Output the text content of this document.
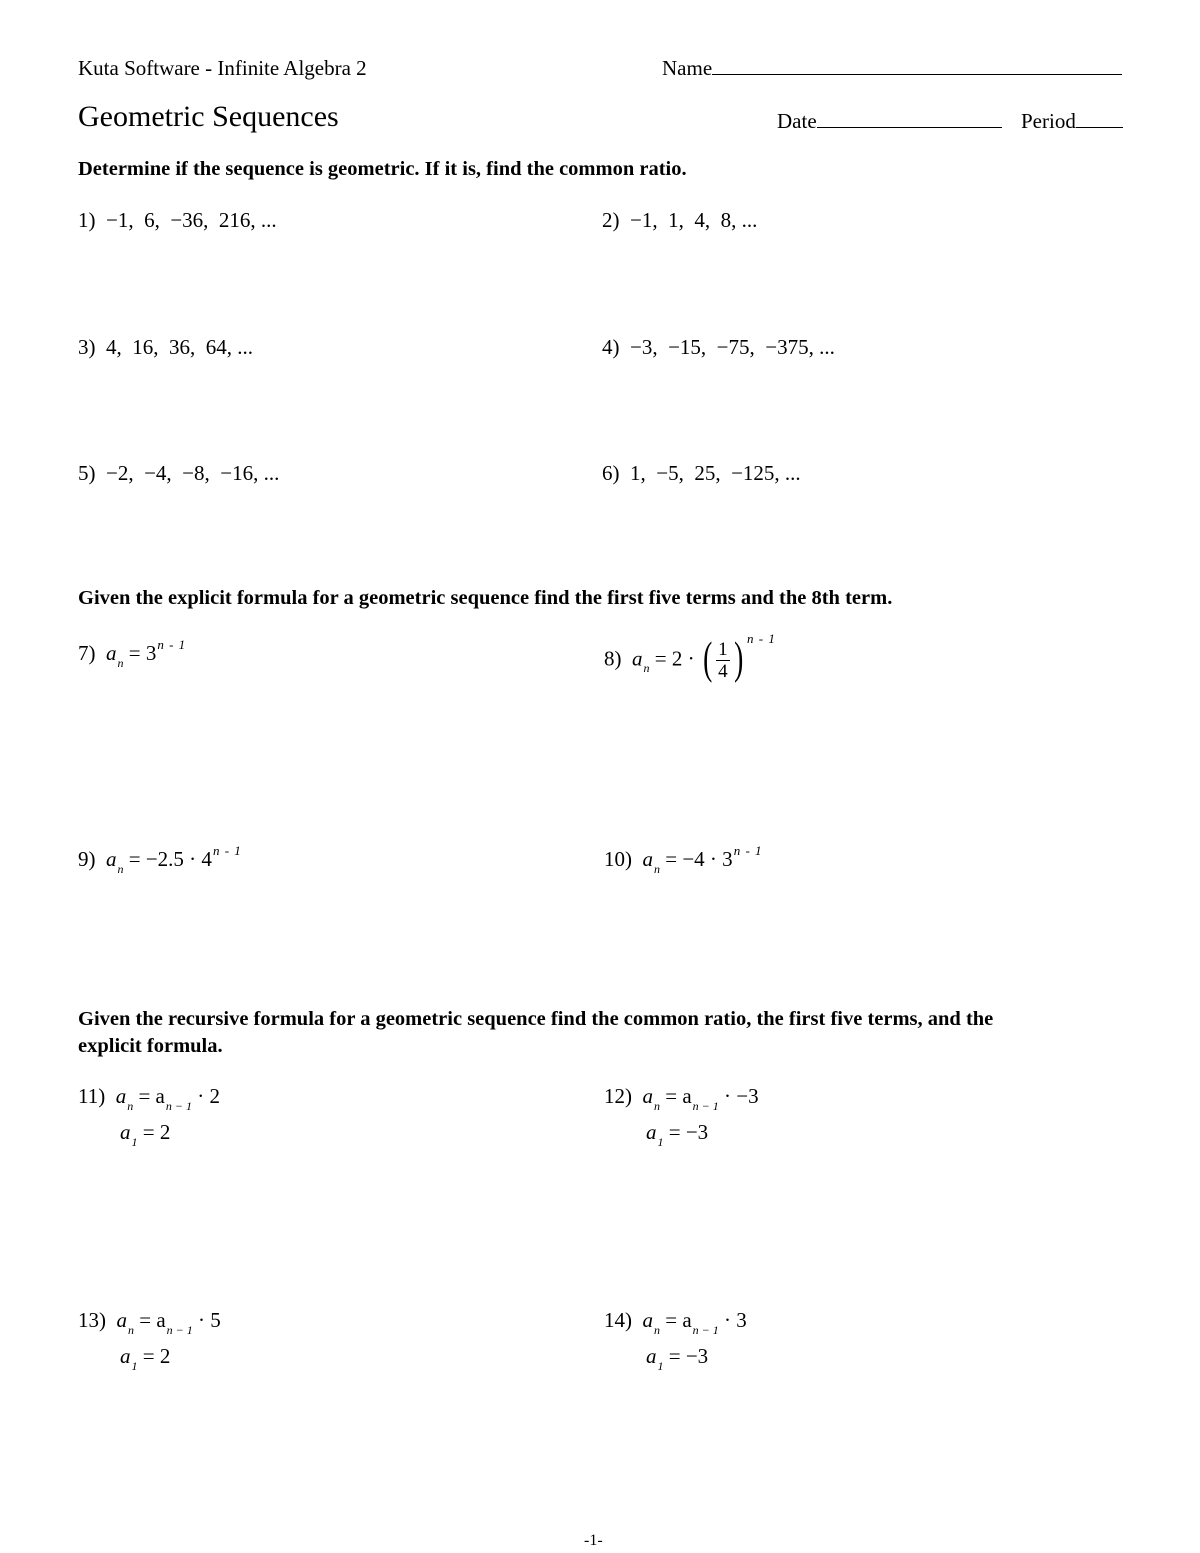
Kuta Software - Infinite Algebra 2	Name
Geometric Sequences	Date	Period
Determine if the sequence is geometric. If it is, find the common ratio.
1) −1,  6,  −36,  216, ...	2) −1,  1,  4,  8, ...
3) 4,  16,  36,  64, ...	4) −3,  −15,  −75,  −375, ...
5) −2,  −4,  −8,  −16, ...	6) 1,  −5,  25,  −125, ...
Given the explicit formula for a geometric sequence find the first five terms and the 8th term.
7) $a_n = 3^{n - 1}$
8) $a_n = 2$ · ( $\frac{1}{4}$ ) $^{n - 1}$
9) $a_n = -2.5 \cdot 4^{n - 1}$	10) $a_n = -4 \cdot 3^{n - 1}$
Given the recursive formula for a geometric sequence find the common ratio, the first five terms, and the
explicit formula.
11) $a_n = a_{n - 1} \cdot 2$
$a_1 = 2$
12) $a_n = a_{n - 1} \cdot -3$
$a_1 = -3$
13) $a_n = a_{n - 1} \cdot 5$
$a_1 = 2$
14) $a_n = a_{n - 1} \cdot 3$
$a_1 = -3$
-1-
